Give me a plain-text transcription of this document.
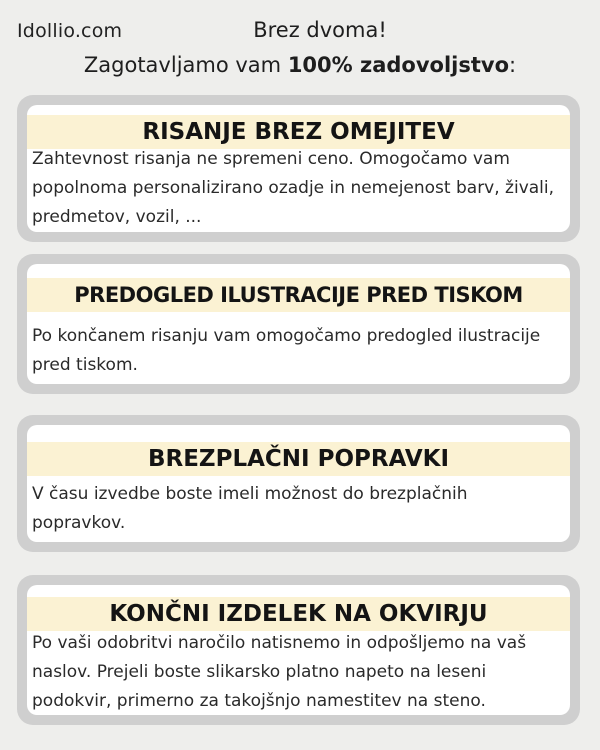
Idollio.com	Brez dvoma!
Zagotavljamo vam 100% zadovoljstvo:
RISANJE BREZ OMEJITEV
Zahtevnost risanja ne spremeni ceno. Omogočamo vam popolnoma personalizirano ozadje in nemejenost barv, živali, predmetov, vozil, ...
PREDOGLED ILUSTRACIJE PRED TISKOM
Po končanem risanju vam omogočamo predogled ilustracije pred tiskom.
BREZPLAČNI POPRAVKI
V času izvedbe boste imeli možnost do brezplačnih popravkov.
KONČNI IZDELEK NA OKVIRJU
Po vaši odobritvi naročilo natisnemo in odpošljemo na vaš naslov. Prejeli boste slikarsko platno napeto na leseni podokvir, primerno za takojšnjo namestitev na steno.
